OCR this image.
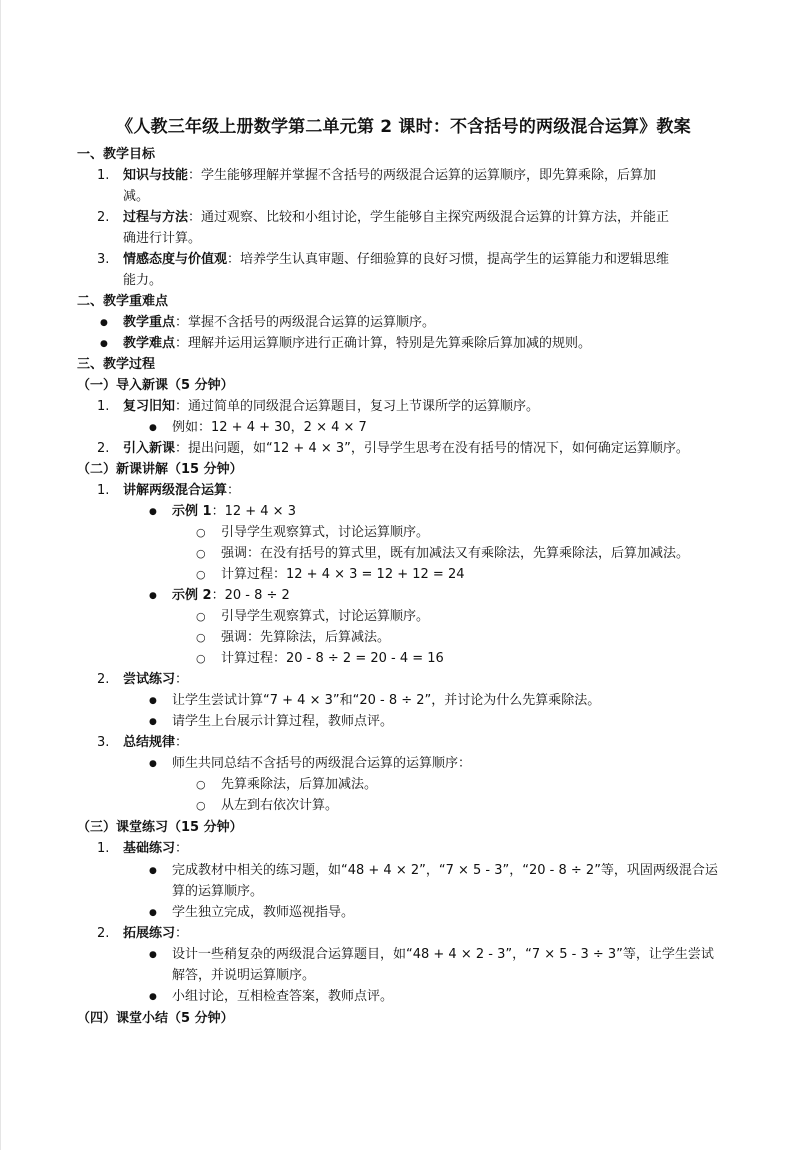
《人教三年级上册数学第二单元第 2 课时：不含括号的两级混合运算》教案
一、教学目标
1. 知识与技能：学生能够理解并掌握不含括号的两级混合运算的运算顺序，即先算乘除，后算加
减。
2. 过程与方法：通过观察、比较和小组讨论，学生能够自主探究两级混合运算的计算方法，并能正
确进行计算。
3. 情感态度与价值观：培养学生认真审题、仔细验算的良好习惯，提高学生的运算能力和逻辑思维
能力。
二、教学重难点
● 教学重点：掌握不含括号的两级混合运算的运算顺序。
● 教学难点：理解并运用运算顺序进行正确计算，特别是先算乘除后算加减的规则。
三、教学过程
（一）导入新课（5 分钟）
1. 复习旧知：通过简单的同级混合运算题目，复习上节课所学的运算顺序。
● 例如：12 + 4 + 30，2 × 4 × 7
2. 引入新课：提出问题，如“12 + 4 × 3”，引导学生思考在没有括号的情况下，如何确定运算顺序。
（二）新课讲解（15 分钟）
1. 讲解两级混合运算：
● 示例 1：12 + 4 × 3
○ 引导学生观察算式，讨论运算顺序。
○ 强调：在没有括号的算式里，既有加减法又有乘除法，先算乘除法，后算加减法。
○ 计算过程：12 + 4 × 3 = 12 + 12 = 24
● 示例 2：20 - 8 ÷ 2
○ 引导学生观察算式，讨论运算顺序。
○ 强调：先算除法，后算减法。
○ 计算过程：20 - 8 ÷ 2 = 20 - 4 = 16
2. 尝试练习：
● 让学生尝试计算“7 + 4 × 3”和“20 - 8 ÷ 2”，并讨论为什么先算乘除法。
● 请学生上台展示计算过程，教师点评。
3. 总结规律：
● 师生共同总结不含括号的两级混合运算的运算顺序：
○ 先算乘除法，后算加减法。
○ 从左到右依次计算。
（三）课堂练习（15 分钟）
1. 基础练习：
● 完成教材中相关的练习题，如“48 + 4 × 2”，“7 × 5 - 3”，“20 - 8 ÷ 2”等，巩固两级混合运
算的运算顺序。
● 学生独立完成，教师巡视指导。
2. 拓展练习：
● 设计一些稍复杂的两级混合运算题目，如“48 + 4 × 2 - 3”，“7 × 5 - 3 ÷ 3”等，让学生尝试
解答，并说明运算顺序。
● 小组讨论，互相检查答案，教师点评。
（四）课堂小结（5 分钟）
